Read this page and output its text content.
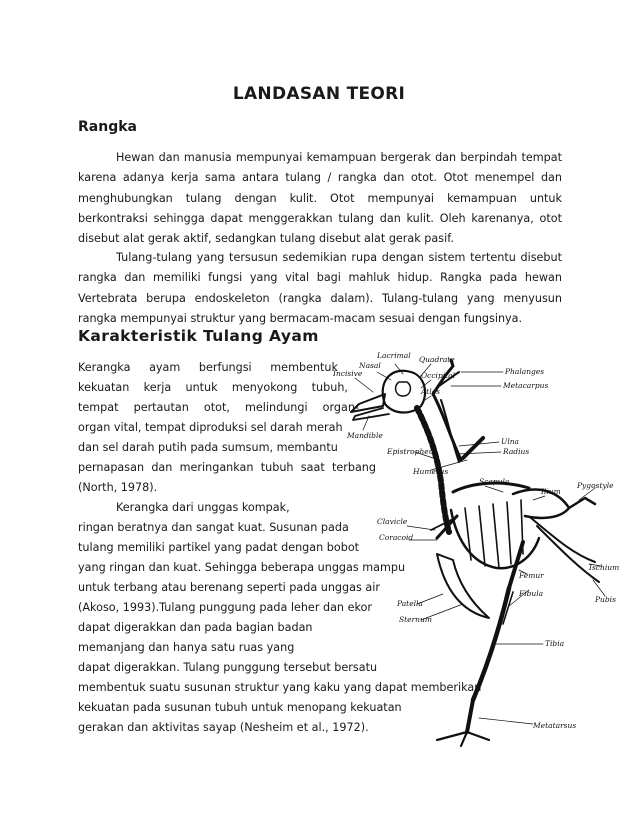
LANDASAN TEORI
Rangka

Hewan dan manusia mempunyai kemampuan bergerak dan berpindah tempat karena adanya kerja sama antara tulang / rangka dan otot. Otot menempel dan menghubungkan tulang dengan kulit. Otot mempunyai kemampuan untuk berkontraksi sehingga dapat menggerakkan tulang dan kulit. Oleh karenanya, otot disebut alat gerak aktif, sedangkan tulang disebut alat gerak pasif.

Tulang-tulang yang tersusun sedemikian rupa dengan sistem tertentu disebut rangka dan memiliki fungsi yang vital bagi mahluk hidup. Rangka pada hewan Vertebrata berupa endoskeleton (rangka dalam). Tulang-tulang yang menyusun rangka mempunyai struktur yang bermacam-macam sesuai dengan fungsinya.

Karakteristik Tulang Ayam
Kerangka ayam berfungsi membentuk
kekuatan kerja untuk menyokong tubuh,
tempat pertautan otot, melindungi organ-
organ vital, tempat diproduksi sel darah merah
dan sel darah putih pada sumsum, membantu
pernapasan dan meringankan tubuh saat terbang
(North, 1978).
Kerangka dari unggas kompak,
ringan beratnya dan sangat kuat. Susunan pada
tulang memiliki partikel yang padat dengan bobot
yang ringan dan kuat. Sehingga beberapa unggas mampu
untuk terbang atau berenang seperti pada unggas air
(Akoso, 1993).Tulang punggung pada leher dan ekor
dapat digerakkan dan pada bagian badan
memanjang dan hanya satu ruas yang
dapat digerakkan. Tulang punggung tersebut bersatu
membentuk suatu susunan struktur yang kaku yang dapat memberikan
kekuatan pada susunan tubuh untuk menopang kekuatan
gerakan dan aktivitas sayap (Nesheim et al., 1972).
Lacrimal
Nasal
Incisive
Quadrate
Occipital
Atlas
Phalanges
Metacarpus
Mandible
Ulna
Radius
Epistropheus
Humerus
Scapula
Ilium
Pygostyle
Clavicle
Coracoid
Ischium
Femur
Fibula
Patella	Pubis
Sternum
Tibia
Metatarsus
